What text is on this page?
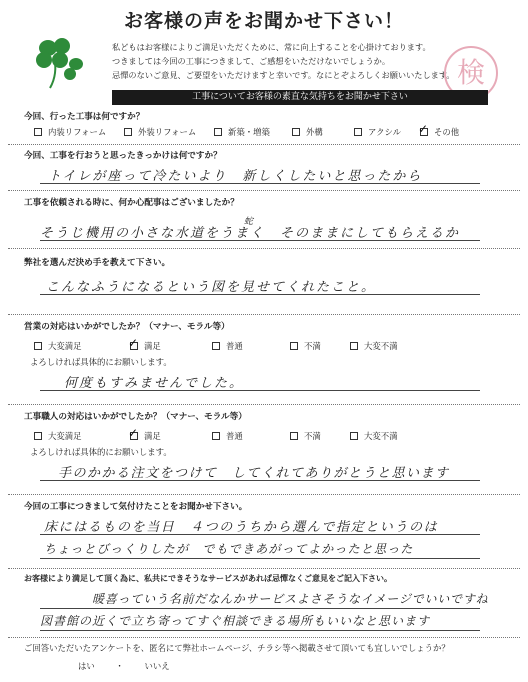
お客様の声をお聞かせ下さい！
私どもはお客様によりご満足いただくために、常に向上することを心掛けております。
つきましては今回の工事につきまして、ご感想をいただけないでしょうか。
忌憚のないご意見、ご要望をいただけますと幸いです。なにとぞよろしくお願いいたします。 検
工事についてお客様の素直な気持ちをお聞かせ下さい
今回、行った工事は何ですか？
内装リフォーム	外装リフォーム	新築・増築	外構	アクシル ✓ その他
今回、工事を行おうと思ったきっかけは何ですか？
トイレが座って冷たいより　新しくしたいと思ったから
工事を依頼される時に、何か心配事はございましたか？
蛇
そうじ機用の小さな水道をうまく　そのままにしてもらえるか
弊社を選んだ決め手を教えて下さい。
こんなふうになるという図を見せてくれたこと。
営業の対応はいかがでしたか？（マナー、モラル等）
大変満足	✓ 満足	普通	不満	大変不満
よろしければ具体的にお願いします。
何度もすみませんでした。
工事職人の対応はいかがでしたか？（マナー、モラル等）
大変満足	✓ 満足	普通	不満	大変不満
よろしければ具体的にお願いします。
手のかかる注文をつけて　してくれてありがとうと思います
今回の工事につきまして気付けたことをお聞かせ下さい。
床にはるものを当日　４つのうちから選んで指定というのは
ちょっとびっくりしたが　でもできあがってよかったと思った
お客様により満足して頂く為に、私共にできそうなサービスがあれば忌憚なくご意見をご記入下さい。
暖喜っていう名前だなんかサービスよさそうなイメージでいいですね
図書館の近くで立ち寄ってすぐ相談できる場所もいいなと思います
ご回答いただいたアンケートを、匿名にて弊社ホームページ、チラシ等へ掲載させて頂いても宜しいでしょうか？
はい ・ いいえ
